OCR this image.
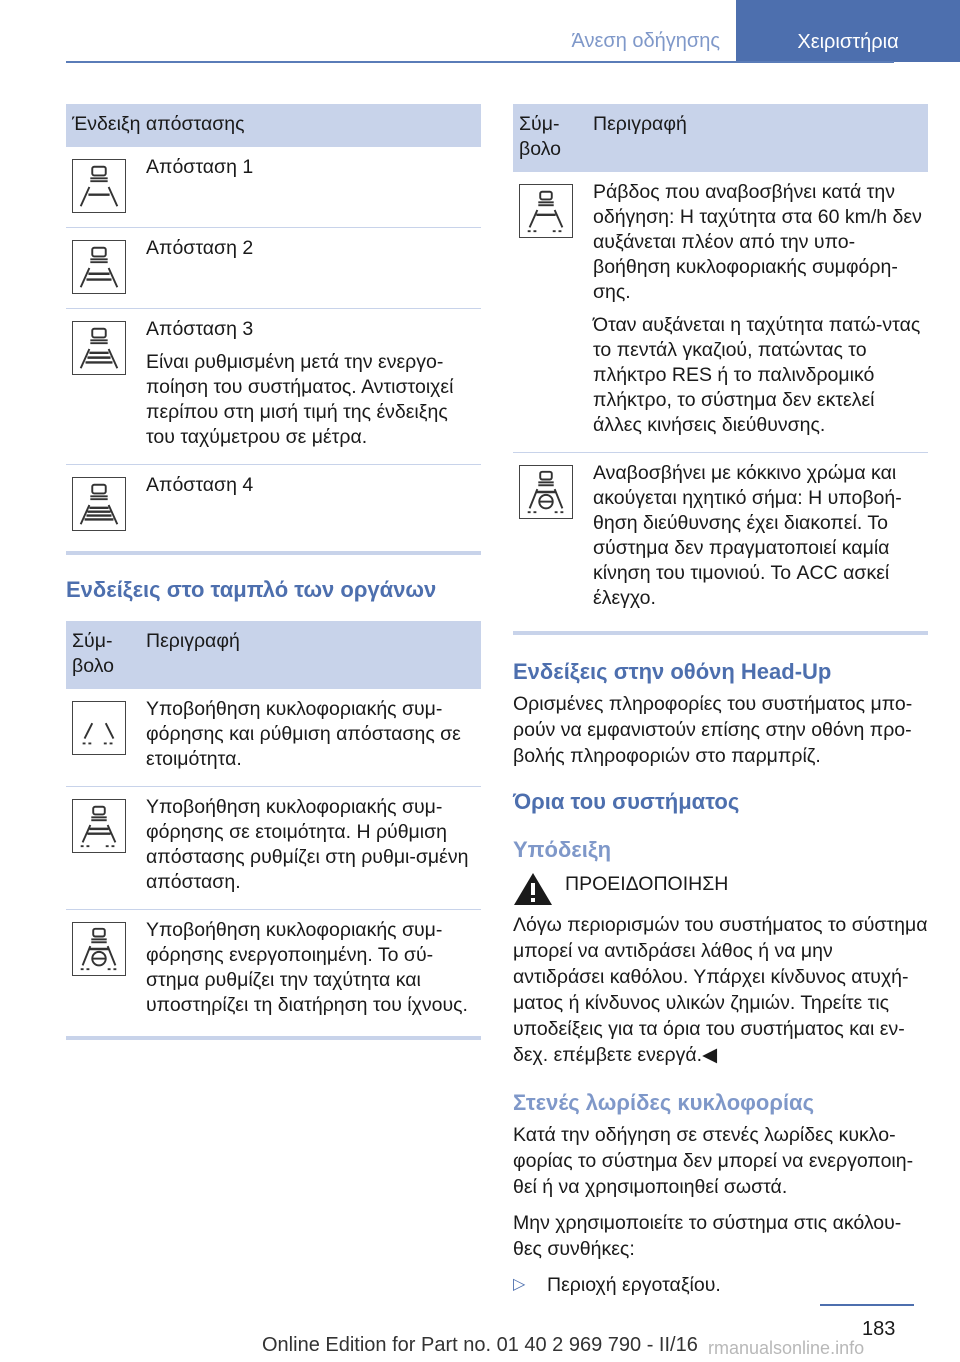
Άνεση οδήγησης	Χειριστήρια
Ένδειξη απόστασης	

Απόσταση 1

Απόσταση 2

Απόσταση 3

Είναι ρυθμισμένη μετά την ενεργο-ποίηση του συστήματος. Αντιστοιχεί περίπου στη μισή τιμή της ένδειξης του ταχύμετρου σε μέτρα.

Απόσταση 4

Ενδείξεις στο ταμπλό των οργάνων
Σύμ-βολο	Περιγραφή

Υποβοήθηση κυκλοφοριακής συμ-φόρησης και ρύθμιση απόστασης σε ετοιμότητα.

Υποβοήθηση κυκλοφοριακής συμ-φόρησης σε ετοιμότητα. Η ρύθμιση απόστασης ρυθμίζει στη ρυθμι-σμένη απόσταση.

Υποβοήθηση κυκλοφοριακής συμ-φόρησης ενεργοποιημένη. Το σύ-στημα ρυθμίζει την ταχύτητα και υποστηρίζει τη διατήρηση του ίχνους.

Σύμ-βολο	Περιγραφή

Ράβδος που αναβοσβήνει κατά την οδήγηση: Η ταχύτητα στα 60 km/h δεν αυξάνεται πλέον από την υπο-βοήθηση κυκλοφοριακής συμφόρη-σης.

Όταν αυξάνεται η ταχύτητα πατώ-ντας το πεντάλ γκαζιού, πατώντας το πλήκτρο RES ή το παλινδρομικό πλήκτρο, το σύστημα δεν εκτελεί άλλες κινήσεις διεύθυνσης.

Αναβοσβήνει με κόκκινο χρώμα και ακούγεται ηχητικό σήμα: Η υποβοή-θηση διεύθυνσης έχει διακοπεί. Το σύστημα δεν πραγματοποιεί καμία κίνηση του τιμονιού. Το ACC ασκεί έλεγχο.

Ενδείξεις στην οθόνη Head-Up

Ορισμένες πληροφορίες του συστήματος μπο-ρούν να εμφανιστούν επίσης στην οθόνη προ-βολής πληροφοριών στο παρμπρίζ.

Όρια του συστήματος

Υπόδειξη

ΠΡΟΕΙΔΟΠΟΙΗΣΗ

Λόγω περιορισμών του συστήματος το σύστημα μπορεί να αντιδράσει λάθος ή να μην αντιδράσει καθόλου. Υπάρχει κίνδυνος ατυχή-ματος ή κίνδυνος υλικών ζημιών. Τηρείτε τις υποδείξεις για τα όρια του συστήματος και εν-δεχ. επέμβετε ενεργά.◀

Στενές λωρίδες κυκλοφορίας

Κατά την οδήγηση σε στενές λωρίδες κυκλο-φορίας το σύστημα δεν μπορεί να ενεργοποιη-θεί ή να χρησιμοποιηθεί σωστά.

Μην χρησιμοποιείτε το σύστημα στις ακόλου-θες συνθήκες:

▷	Περιοχή εργοταξίου.
183
Online Edition for Part no. 01 40 2 969 790 - II/16 rmanualsonline.info
